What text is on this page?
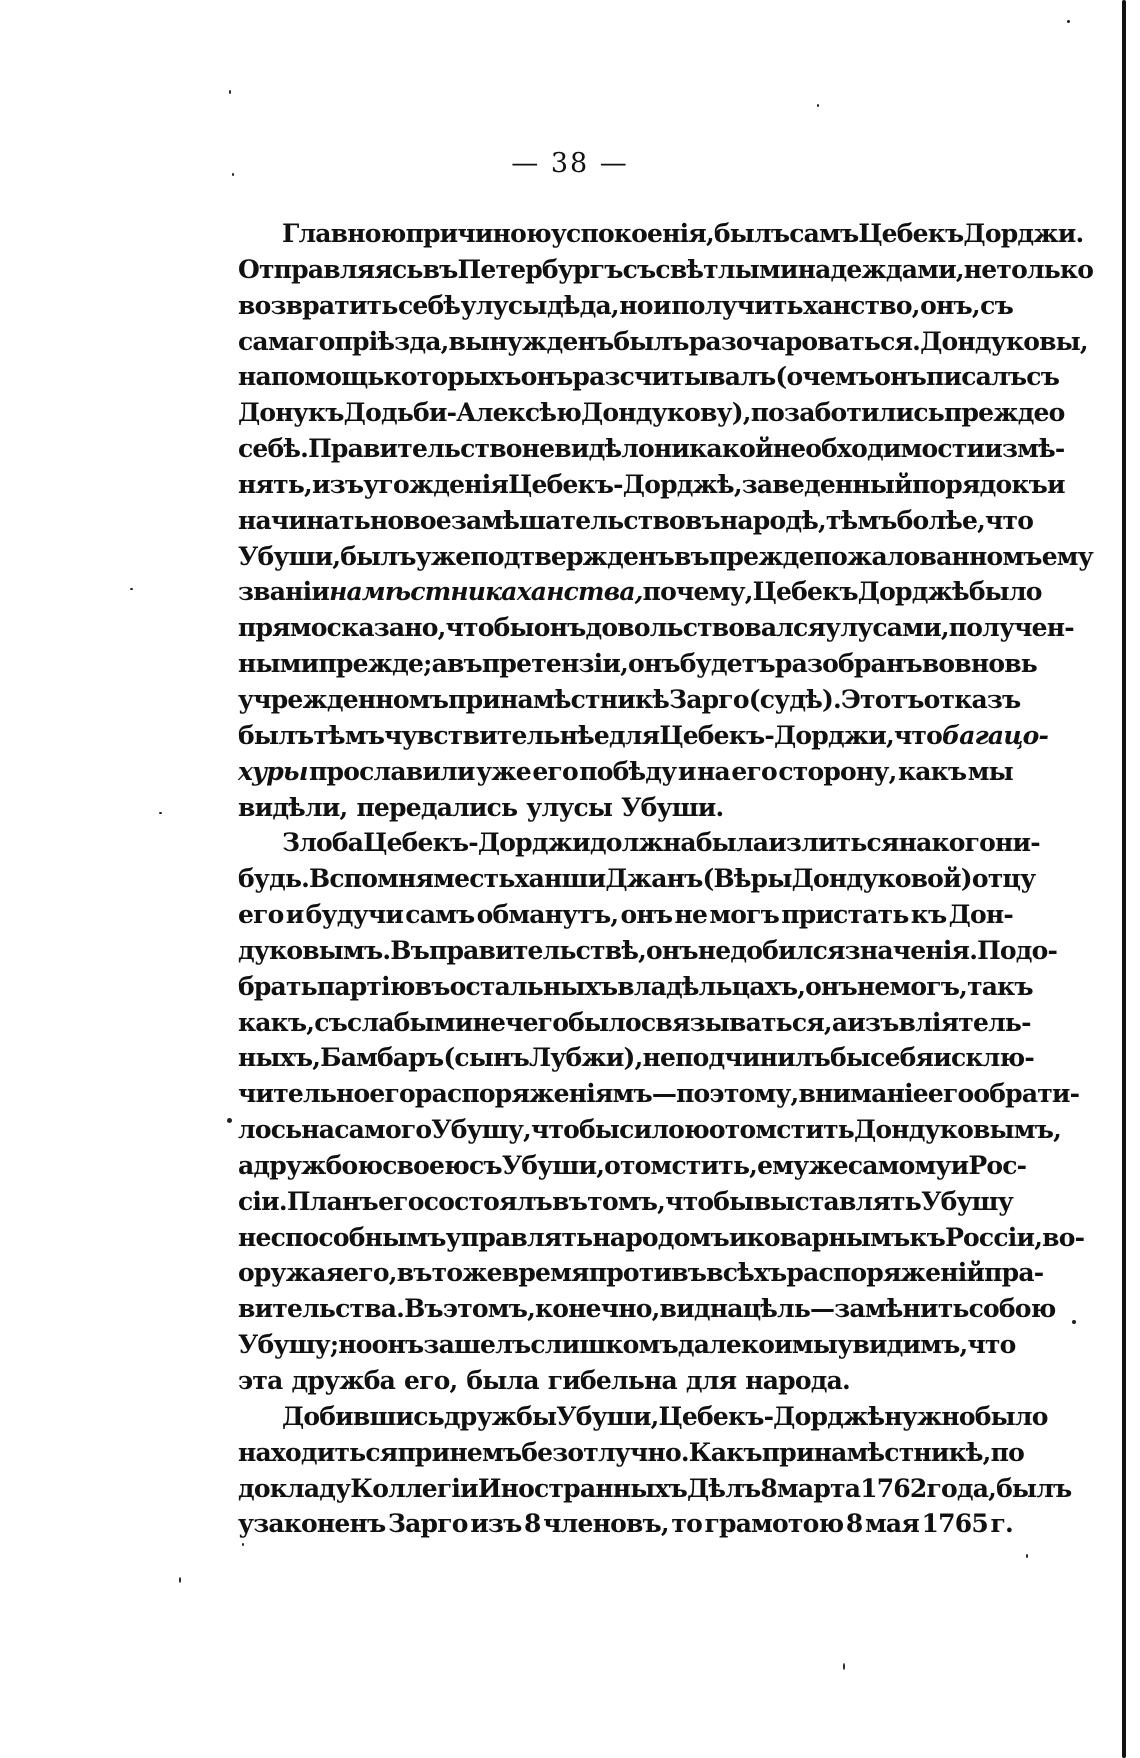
— 38 —
Главною причиною успокоенія, былъ самъ Цебекъ Дорджи.
Отправляясь въ Петербургъ съ свѣтлыми надеждами, не только
возвратить себѣ улусы дѣда, но и получить ханство, онъ, съ
самаго пріѣзда, вынужденъ былъ разочароваться. Дондуковы,
на помощь которыхъ онъ разсчитывалъ (о чемъ онъ писалъ съ
Дону къ Додьби-Алексѣю Дондукову), позаботились прежде о
себѣ. Правительство не видѣло никакой необходимости измѣ-
нять, изъ угожденія Цебекъ-Дорджѣ, заведенный порядокъ и
начинать новое замѣшательство въ народѣ, тѣмъ болѣе, что
Убуши, былъ уже подтвержденъ въ прежде пожалованномъ ему
званіи намѣстника ханства, почему, Цебекъ Дорджѣ было
прямо сказано, чтобы онъ довольствовался улусами, получен-
ными прежде; а въ претензіи, онъ будетъ разобранъ во вновь
учрежденномъ при намѣстникѣ Зарго (судѣ). Этотъ отказъ
былъ тѣмъ чувствительнѣе для Цебекъ-Дорджи, что багацо-
хуры прославили уже его побѣду и на его сторону, какъ мы
видѣли, передались улусы Убуши.
Злоба Цебекъ-Дорджи должна была излиться на кого ни-
будь. Вспомня месть ханши Джанъ (Вѣры Дондуковой) отцу
его и будучи самъ обманутъ, онъ не могъ пристать къ Дон-
дуковымъ. Въ правительствѣ, онъ не добился значенія. Подо-
брать партію въ остальныхъ владѣльцахъ, онъ не могъ, такъ
какъ, съ слабыми нечего было связываться, а изъ вліятель-
ныхъ, Бамбаръ (сынъ Лубжи), не подчинилъ бы себя исклю-
чительно его распоряженіямъ — поэтому, вниманіе его обрати-
лось на самого Убушу, чтобы силою отомстить Дондуковымъ,
а дружбою своею съ Убуши, отомстить, ему же самому и Рос-
сіи. Планъ его состоялъ въ томъ, чтобы выставлять Убушу
неспособнымъ управлять народомъ и коварнымъ къ Россіи, во-
оружая его, въ тоже время противъ всѣхъ распоряженій пра-
вительства. Въ этомъ, конечно, видна цѣль — замѣнить собою
Убушу; но онъ зашелъ слишкомъ далеко и мы увидимъ, что
эта дружба его, была гибельна для народа.
Добившись дружбы Убуши, Цебекъ-Дорджѣ нужно было
находиться при немъ безотлучно. Какъ при намѣстникѣ, по
докладу Коллегіи Иностранныхъ Дѣлъ 8 марта 1762 года, былъ
узаконенъ Зарго изъ 8 членовъ, то грамотою 8 мая 1765 г.
